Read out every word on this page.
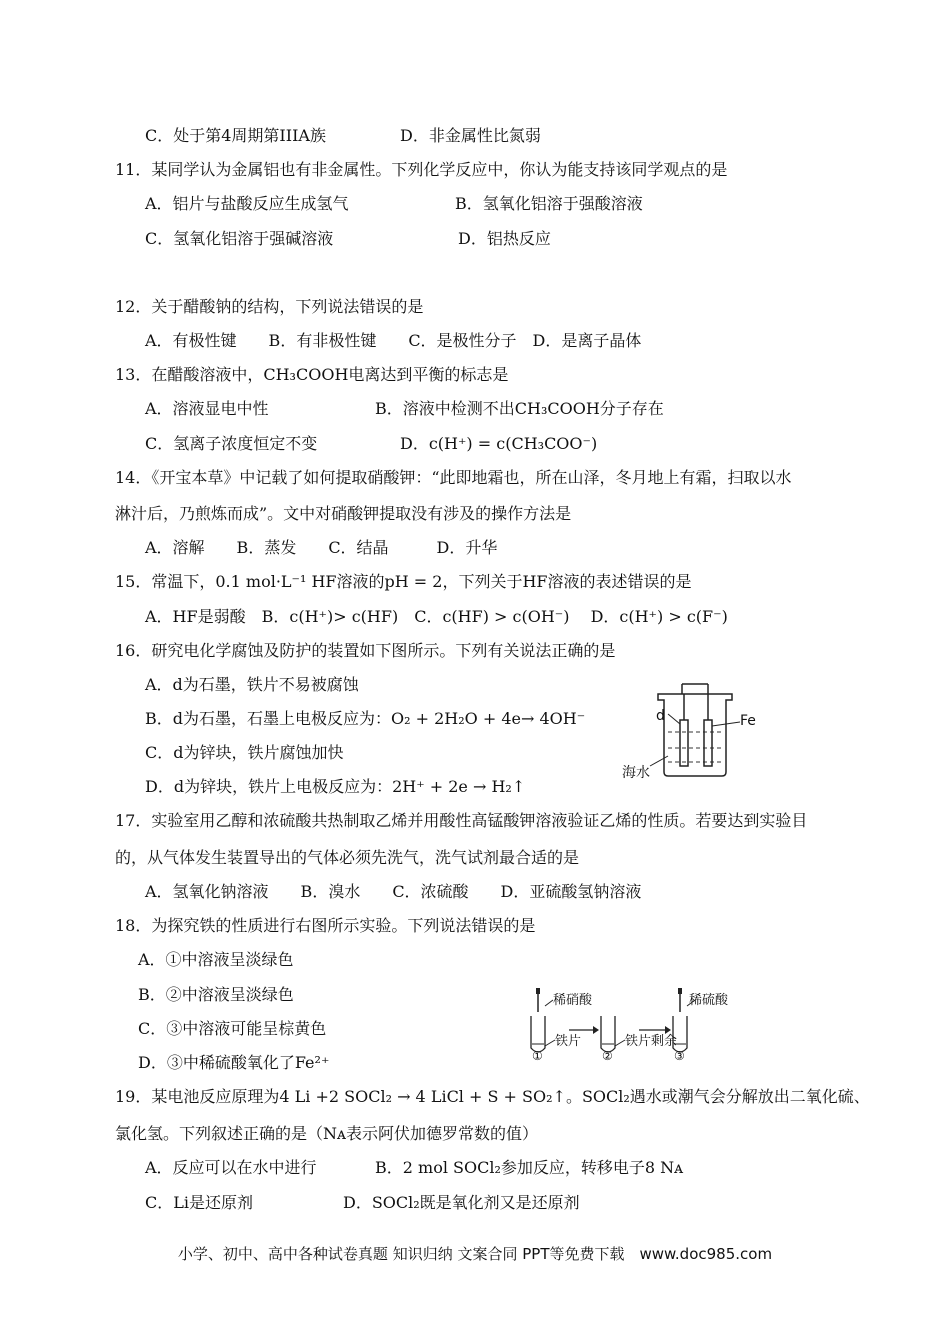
C．处于第4周期第IIIA族	D．非金属性比氮弱
11．某同学认为金属铝也有非金属性。下列化学反应中，你认为能支持该同学观点的是
A．铝片与盐酸反应生成氢气	B．氢氧化铝溶于强酸溶液
C．氢氧化铝溶于强碱溶液	D．铝热反应
12．关于醋酸钠的结构，下列说法错误的是
A．有极性键　　B．有非极性键　　C．是极性分子　D．是离子晶体
13．在醋酸溶液中，CH₃COOH电离达到平衡的标志是
A．溶液显电中性	B．溶液中检测不出CH₃COOH分子存在
C．氢离子浓度恒定不变	D．c(H⁺) = c(CH₃COO⁻)
14．《开宝本草》中记载了如何提取硝酸钾：“此即地霜也，所在山泽，冬月地上有霜，扫取以水
淋汁后，乃煎炼而成”。文中对硝酸钾提取没有涉及的操作方法是
A．溶解　　B．蒸发　　C．结晶　　　D．升华
15．常温下，0.1 mol·L⁻¹ HF溶液的pH = 2，下列关于HF溶液的表述错误的是
A．HF是弱酸　B．c(H⁺)> c(HF)　C．c(HF) > c(OH⁻)　 D．c(H⁺) > c(F⁻)
16．研究电化学腐蚀及防护的装置如下图所示。下列有关说法正确的是
A．d为石墨，铁片不易被腐蚀
B．d为石墨，石墨上电极反应为：O₂ + 2H₂O + 4e→ 4OH⁻
C．d为锌块，铁片腐蚀加快
D．d为锌块，铁片上电极反应为：2H⁺ + 2e → H₂↑
d	Fe
海水
17．实验室用乙醇和浓硫酸共热制取乙烯并用酸性高锰酸钾溶液验证乙烯的性质。若要达到实验目
的，从气体发生装置导出的气体必须先洗气，洗气试剂最合适的是
A．氢氧化钠溶液　　B．溴水　　C．浓硫酸　　D．亚硫酸氢钠溶液
18．为探究铁的性质进行右图所示实验。下列说法错误的是
A．①中溶液呈淡绿色
B．②中溶液呈淡绿色
C．③中溶液可能呈棕黄色
D．③中稀硫酸氧化了Fe²⁺
稀硝酸	稀硫酸
铁片	铁片剩余
①	②	③
19．某电池反应原理为4 Li +2 SOCl₂ → 4 LiCl + S + SO₂↑。SOCl₂遇水或潮气会分解放出二氧化硫、
氯化氢。下列叙述正确的是（Nᴀ表示阿伏加德罗常数的值）
A．反应可以在水中进行	B．2 mol SOCl₂参加反应，转移电子8 Nᴀ
C．Li是还原剂	D．SOCl₂既是氧化剂又是还原剂
小学、初中、高中各种试卷真题 知识归纳 文案合同 PPT等免费下载　www.doc985.com
